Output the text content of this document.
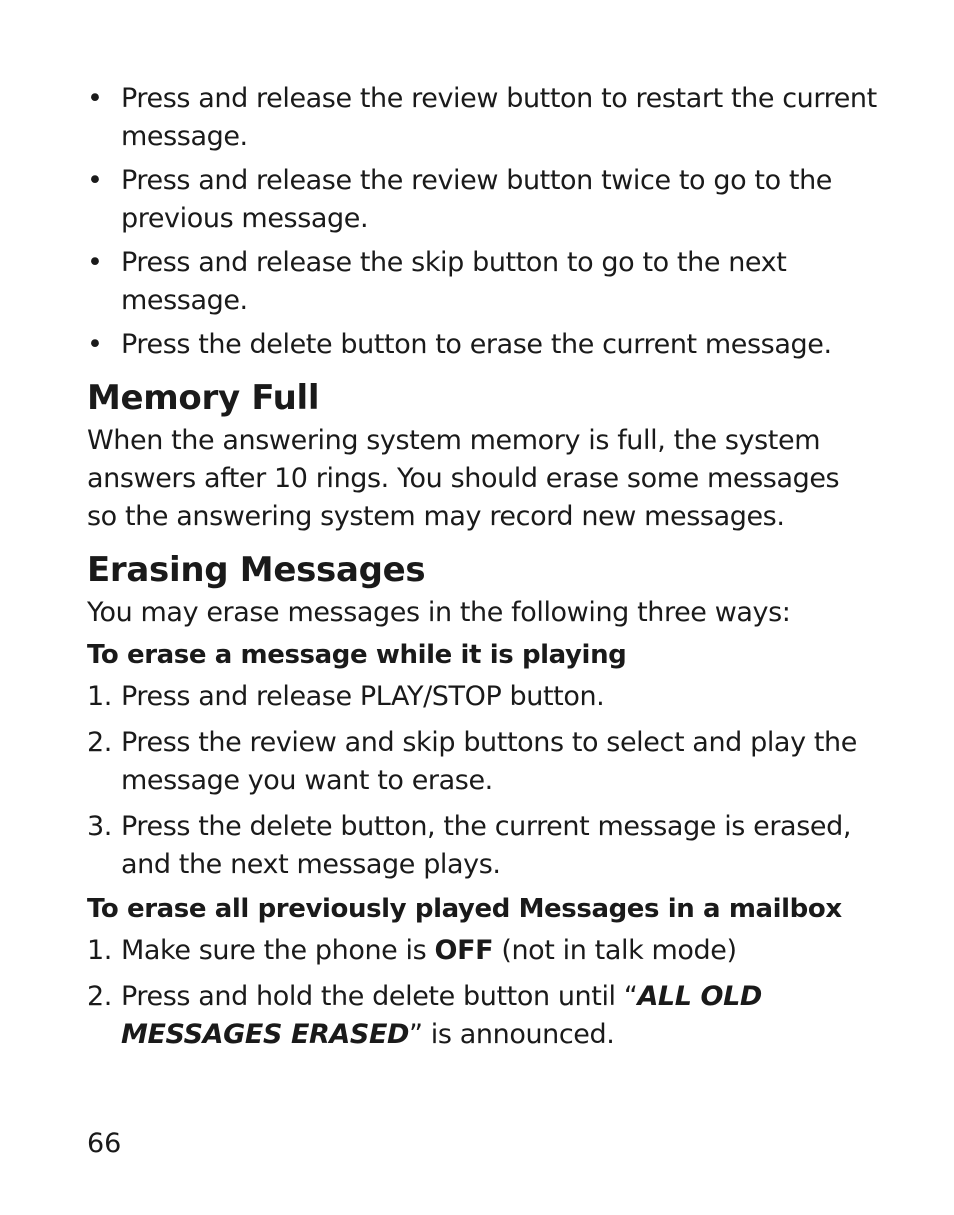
• Press and release the review button to restart the current message.
• Press and release the review button twice to go to the previous message.
• Press and release the skip button to go to the next message.
• Press the delete button to erase the current message.
Memory Full

When the answering system memory is full, the system answers after 10 rings. You should erase some messages so the answering system may record new messages.

Erasing Messages

You may erase messages in the following three ways:

To erase a message while it is playing
1. Press and release PLAY/STOP button.
2. Press the review and skip buttons to select and play the message you want to erase.
3. Press the delete button, the current message is erased, and the next message plays.
To erase all previously played Messages in a mailbox
1. Make sure the phone is OFF (not in talk mode)
2. Press and hold the delete button until “ALL OLD MESSAGES ERASED” is announced.
66
